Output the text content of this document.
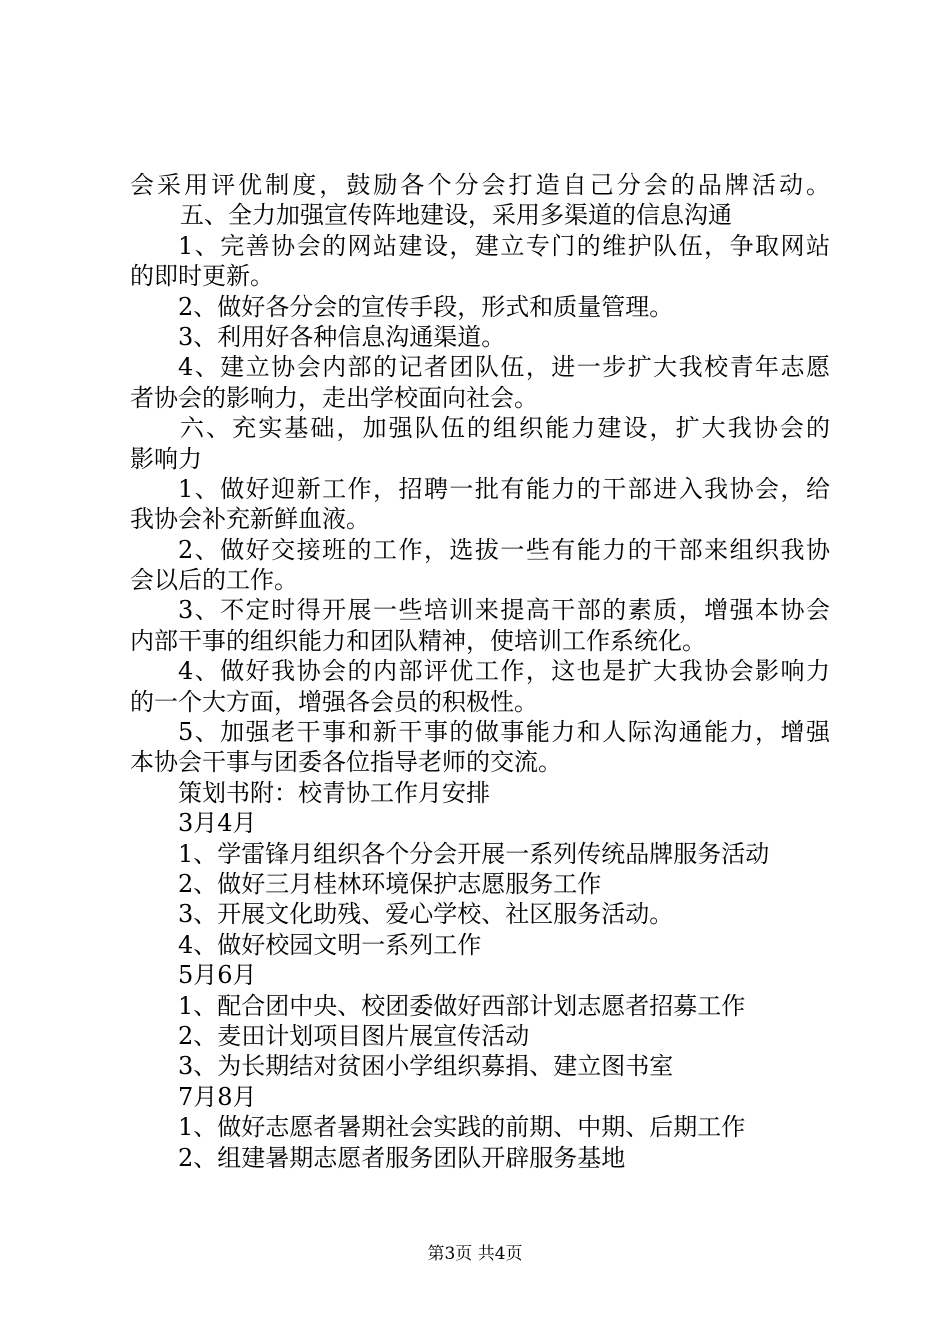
会采用评优制度，鼓励各个分会打造自己分会的品牌活动。
五、全力加强宣传阵地建设，采用多渠道的信息沟通
1、完善协会的网站建设，建立专门的维护队伍，争取网站
的即时更新。
2、做好各分会的宣传手段，形式和质量管理。
3、利用好各种信息沟通渠道。
4、建立协会内部的记者团队伍，进一步扩大我校青年志愿
者协会的影响力，走出学校面向社会。
六、充实基础，加强队伍的组织能力建设，扩大我协会的
影响力
1、做好迎新工作，招聘一批有能力的干部进入我协会，给
我协会补充新鲜血液。
2、做好交接班的工作，选拔一些有能力的干部来组织我协
会以后的工作。
3、不定时得开展一些培训来提高干部的素质，增强本协会
内部干事的组织能力和团队精神，使培训工作系统化。
4、做好我协会的内部评优工作，这也是扩大我协会影响力
的一个大方面，增强各会员的积极性。
5、加强老干事和新干事的做事能力和人际沟通能力，增强
本协会干事与团委各位指导老师的交流。
策划书附：校青协工作月安排
3月4月
1、学雷锋月组织各个分会开展一系列传统品牌服务活动
2、做好三月桂林环境保护志愿服务工作
3、开展文化助残、爱心学校、社区服务活动。
4、做好校园文明一系列工作
5月6月
1、配合团中央、校团委做好西部计划志愿者招募工作
2、麦田计划项目图片展宣传活动
3、为长期结对贫困小学组织募捐、建立图书室
7月8月
1、做好志愿者暑期社会实践的前期、中期、后期工作
2、组建暑期志愿者服务团队开辟服务基地
第3页 共4页
